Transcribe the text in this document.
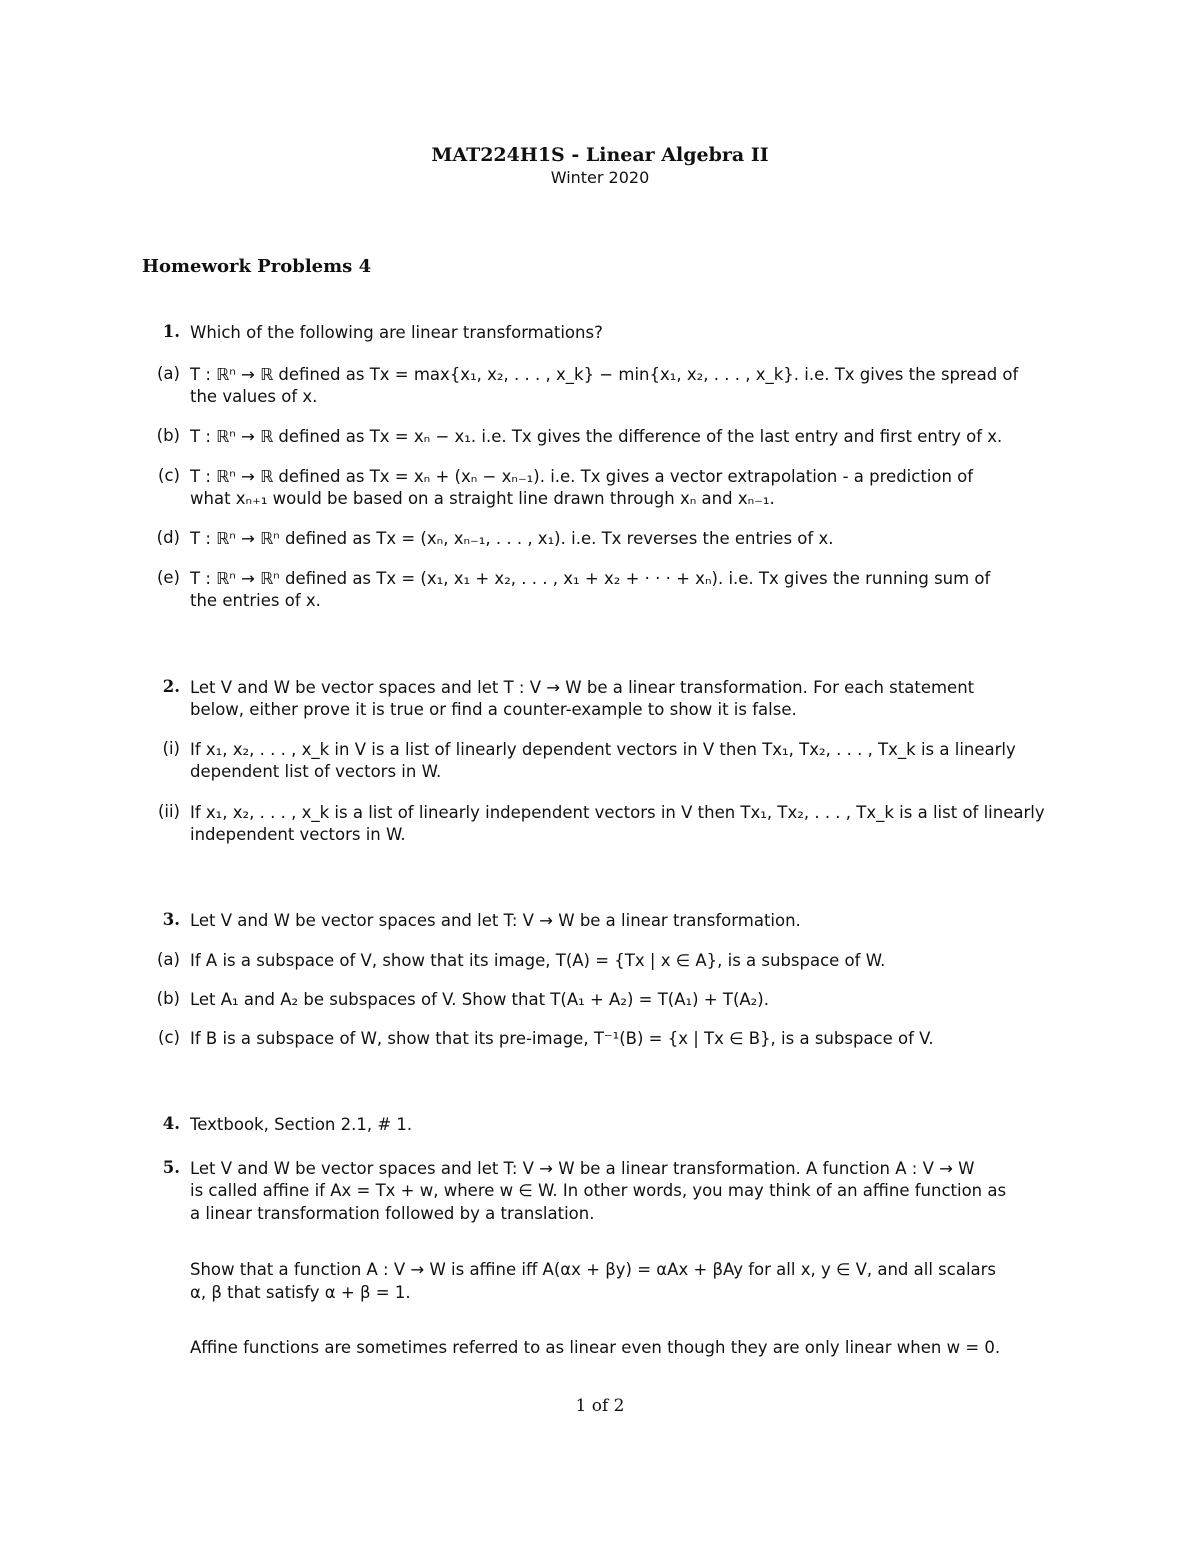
MAT224H1S - Linear Algebra II
Winter 2020
Homework Problems 4
1. Which of the following are linear transformations?
(a) T : ℝⁿ → ℝ defined as Tx = max{x₁, x₂, . . . , x_k} − min{x₁, x₂, . . . , x_k}. i.e. Tx gives the spread of
the values of x.
(b) T : ℝⁿ → ℝ defined as Tx = xₙ − x₁. i.e. Tx gives the difference of the last entry and first entry of x.
(c) T : ℝⁿ → ℝ defined as Tx = xₙ + (xₙ − xₙ₋₁). i.e. Tx gives a vector extrapolation - a prediction of
what xₙ₊₁ would be based on a straight line drawn through xₙ and xₙ₋₁.
(d) T : ℝⁿ → ℝⁿ defined as Tx = (xₙ, xₙ₋₁, . . . , x₁). i.e. Tx reverses the entries of x.
(e) T : ℝⁿ → ℝⁿ defined as Tx = (x₁, x₁ + x₂, . . . , x₁ + x₂ + · · · + xₙ). i.e. Tx gives the running sum of
the entries of x.
2. Let V and W be vector spaces and let T : V → W be a linear transformation. For each statement
below, either prove it is true or find a counter-example to show it is false.
(i) If x₁, x₂, . . . , x_k in V is a list of linearly dependent vectors in V then Tx₁, Tx₂, . . . , Tx_k is a linearly
dependent list of vectors in W.
(ii) If x₁, x₂, . . . , x_k is a list of linearly independent vectors in V then Tx₁, Tx₂, . . . , Tx_k is a list of linearly
independent vectors in W.
3. Let V and W be vector spaces and let T: V → W be a linear transformation.
(a) If A is a subspace of V, show that its image, T(A) = {Tx | x ∈ A}, is a subspace of W.
(b) Let A₁ and A₂ be subspaces of V. Show that T(A₁ + A₂) = T(A₁) + T(A₂).
(c) If B is a subspace of W, show that its pre-image, T⁻¹(B) = {x | Tx ∈ B}, is a subspace of V.
4. Textbook, Section 2.1, # 1.
5. Let V and W be vector spaces and let T: V → W be a linear transformation. A function A : V → W
is called affine if Ax = Tx + w, where w ∈ W. In other words, you may think of an affine function as
a linear transformation followed by a translation.
Show that a function A : V → W is affine iff A(αx + βy) = αAx + βAy for all x, y ∈ V, and all scalars
α, β that satisfy α + β = 1.
Affine functions are sometimes referred to as linear even though they are only linear when w = 0.
1 of 2
